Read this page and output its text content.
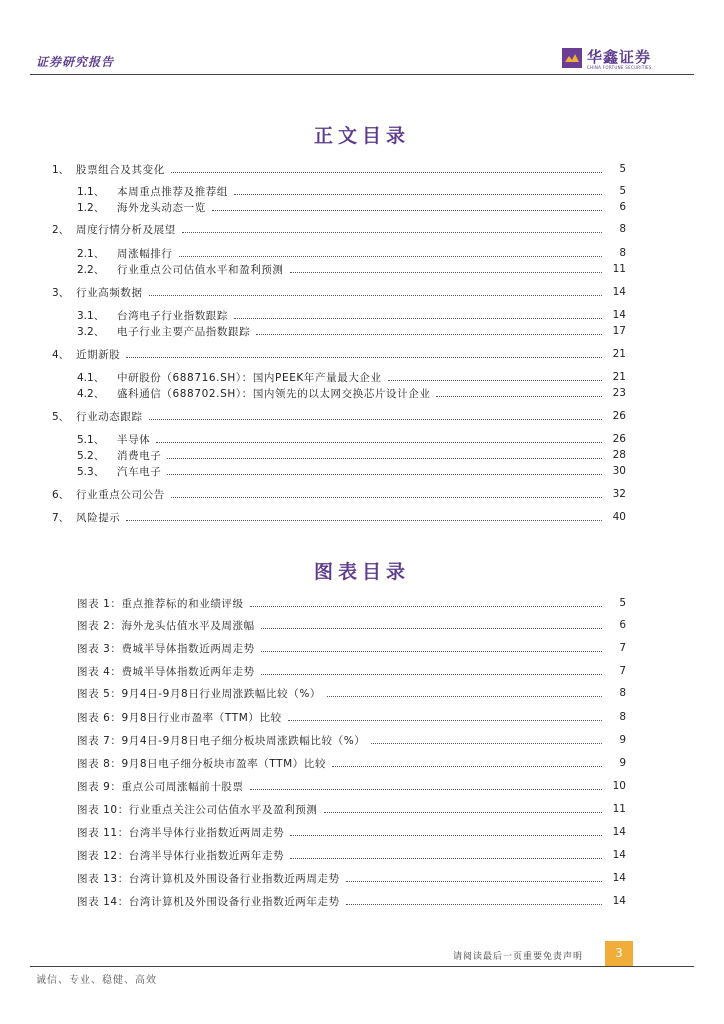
证券研究报告	华鑫证券
CHINA FORTUNE SECURITIES
正文目录
1、 股票组合及其变化	5
1.1、	本周重点推荐及推荐组	5
1.2、	海外龙头动态一览	6
2、 周度行情分析及展望	8
2.1、	周涨幅排行	8
2.2、	行业重点公司估值水平和盈利预测	11
3、 行业高频数据	14
3.1、	台湾电子行业指数跟踪	14
3.2、	电子行业主要产品指数跟踪	17
4、 近期新股	21
4.1、	中研股份（688716.SH）：国内PEEK年产量最大企业	21
4.2、	盛科通信（688702.SH）：国内领先的以太网交换芯片设计企业	23
5、 行业动态跟踪	26
5.1、	半导体	26
5.2、	消费电子	28
5.3、	汽车电子	30
6、 行业重点公司公告	32
7、 风险提示	40
图表目录
图表 1：重点推荐标的和业绩评级	5
图表 2：海外龙头估值水平及周涨幅	6
图表 3：费城半导体指数近两周走势	7
图表 4：费城半导体指数近两年走势	7
图表 5：9月4日-9月8日行业周涨跌幅比较（%）	8
图表 6：9月8日行业市盈率（TTM）比较	8
图表 7：9月4日-9月8日电子细分板块周涨跌幅比较（%）	9
图表 8：9月8日电子细分板块市盈率（TTM）比较	9
图表 9：重点公司周涨幅前十股票	10
图表 10：行业重点关注公司估值水平及盈利预测	11
图表 11：台湾半导体行业指数近两周走势	14
图表 12：台湾半导体行业指数近两年走势	14
图表 13：台湾计算机及外围设备行业指数近两周走势	14
图表 14：台湾计算机及外围设备行业指数近两年走势	14
请阅读最后一页重要免责声明	3
诚信、专业、稳健、高效
